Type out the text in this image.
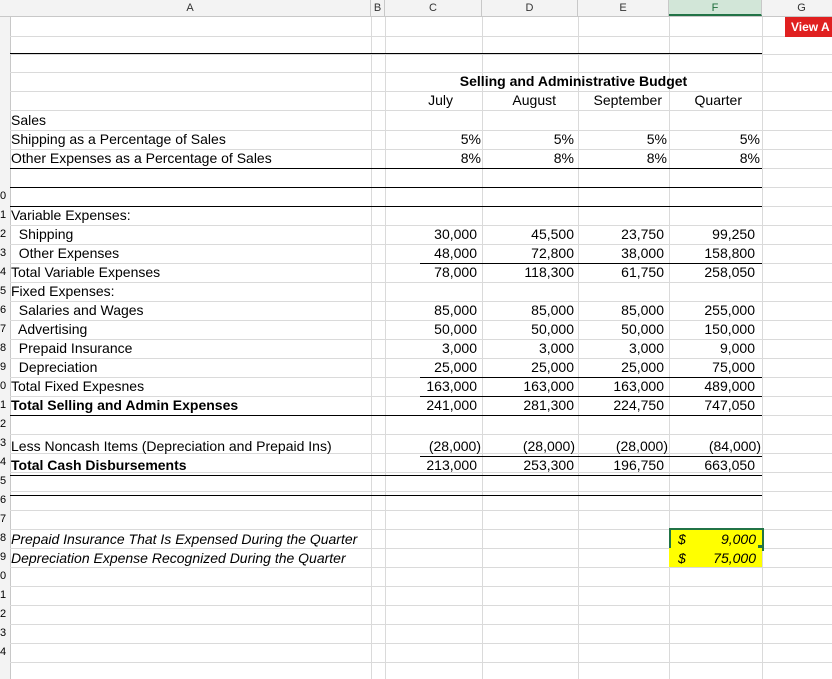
A	B	C	D	E	F	G
0
1
2
3
4
5
6
7
8
9
0
1
2
3
4
5
6
7
8
9
0
1
2
3
4
View A
Selling and Administrative Budget
July	August	September	Quarter
Sales
Shipping as a Percentage of Sales	5%	5%	5%	5%
Other Expenses as a Percentage of Sales	8%	8%	8%	8%
Variable Expenses:
Shipping	30,000	45,500	23,750	99,250
Other Expenses	48,000	72,800	38,000	158,800
Total Variable Expenses	78,000	118,300	61,750	258,050
Fixed Expenses:
Salaries and Wages	85,000	85,000	85,000	255,000
Advertising	50,000	50,000	50,000	150,000
Prepaid Insurance	3,000	3,000	3,000	9,000
Depreciation	25,000	25,000	25,000	75,000
Total Fixed Expesnes	163,000	163,000	163,000	489,000
Total Selling and Admin Expenses	241,000	281,300	224,750	747,050
Less Noncash Items (Depreciation and Prepaid Ins)	(28,000)	(28,000)	(28,000)	(84,000)
Total Cash Disbursements	213,000	253,300	196,750	663,050
Prepaid Insurance That Is Expensed During the Quarter	$	9,000
Depreciation Expense Recognized During the Quarter	$	75,000
